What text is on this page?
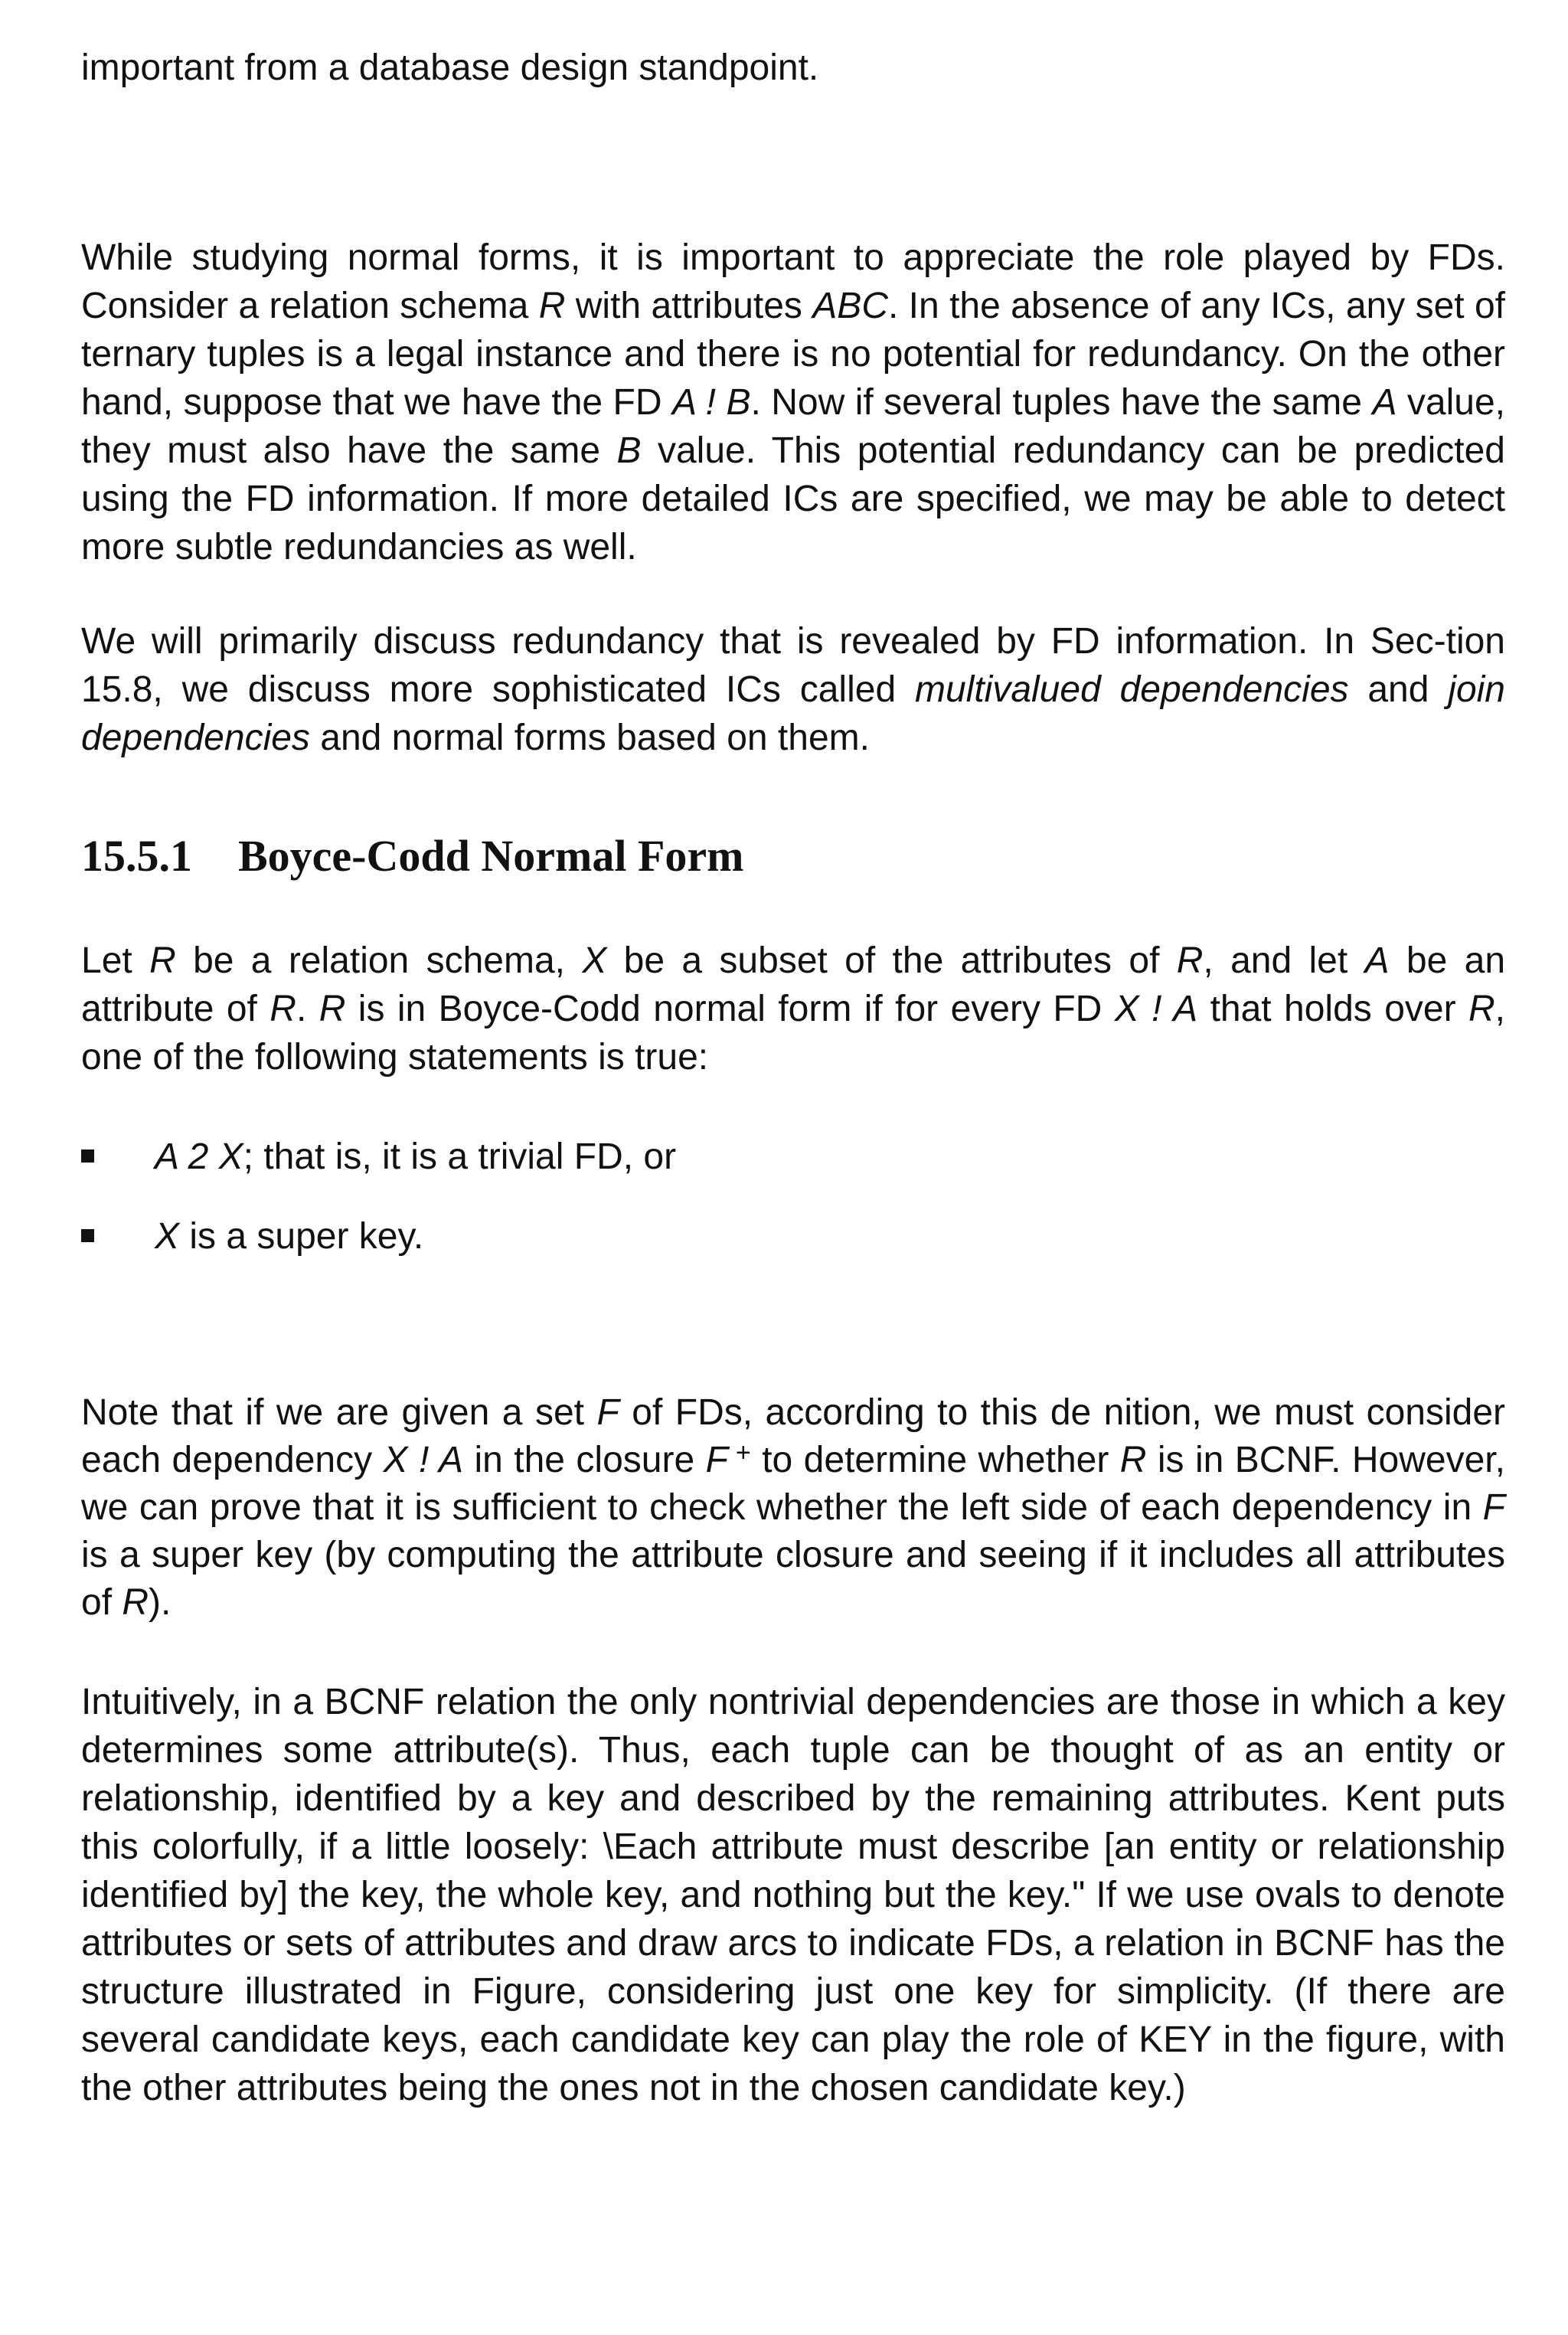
important from a database design standpoint.

While studying normal forms, it is important to appreciate the role played by FDs. Consider a relation schema R with attributes ABC. In the absence of any ICs, any set of ternary tuples is a legal instance and there is no potential for redundancy. On the other hand, suppose that we have the FD A ! B. Now if several tuples have the same A value, they must also have the same B value. This potential redundancy can be predicted using the FD information. If more detailed ICs are specified, we may be able to detect more subtle redundancies as well.

We will primarily discuss redundancy that is revealed by FD information. In Sec-tion 15.8, we discuss more sophisticated ICs called multivalued dependencies and join dependencies and normal forms based on them.

15.5.1 Boyce-Codd Normal Form

Let R be a relation schema, X be a subset of the attributes of R, and let A be an attribute of R. R is in Boyce-Codd normal form if for every FD X ! A that holds over R, one of the following statements is true:

A 2 X; that is, it is a trivial FD, or
X is a super key.

Note that if we are given a set F of FDs, according to this de nition, we must consider each dependency X ! A in the closure F + to determine whether R is in BCNF. However, we can prove that it is sufficient to check whether the left side of each dependency in F is a super key (by computing the attribute closure and seeing if it includes all attributes of R).

Intuitively, in a BCNF relation the only nontrivial dependencies are those in which a key determines some attribute(s). Thus, each tuple can be thought of as an entity or relationship, identified by a key and described by the remaining attributes. Kent puts this colorfully, if a little loosely: \Each attribute must describe [an entity or relationship identified by] the key, the whole key, and nothing but the key." If we use ovals to denote attributes or sets of attributes and draw arcs to indicate FDs, a relation in BCNF has the structure illustrated in Figure, considering just one key for simplicity. (If there are several candidate keys, each candidate key can play the role of KEY in the figure, with the other attributes being the ones not in the chosen candidate key.)
